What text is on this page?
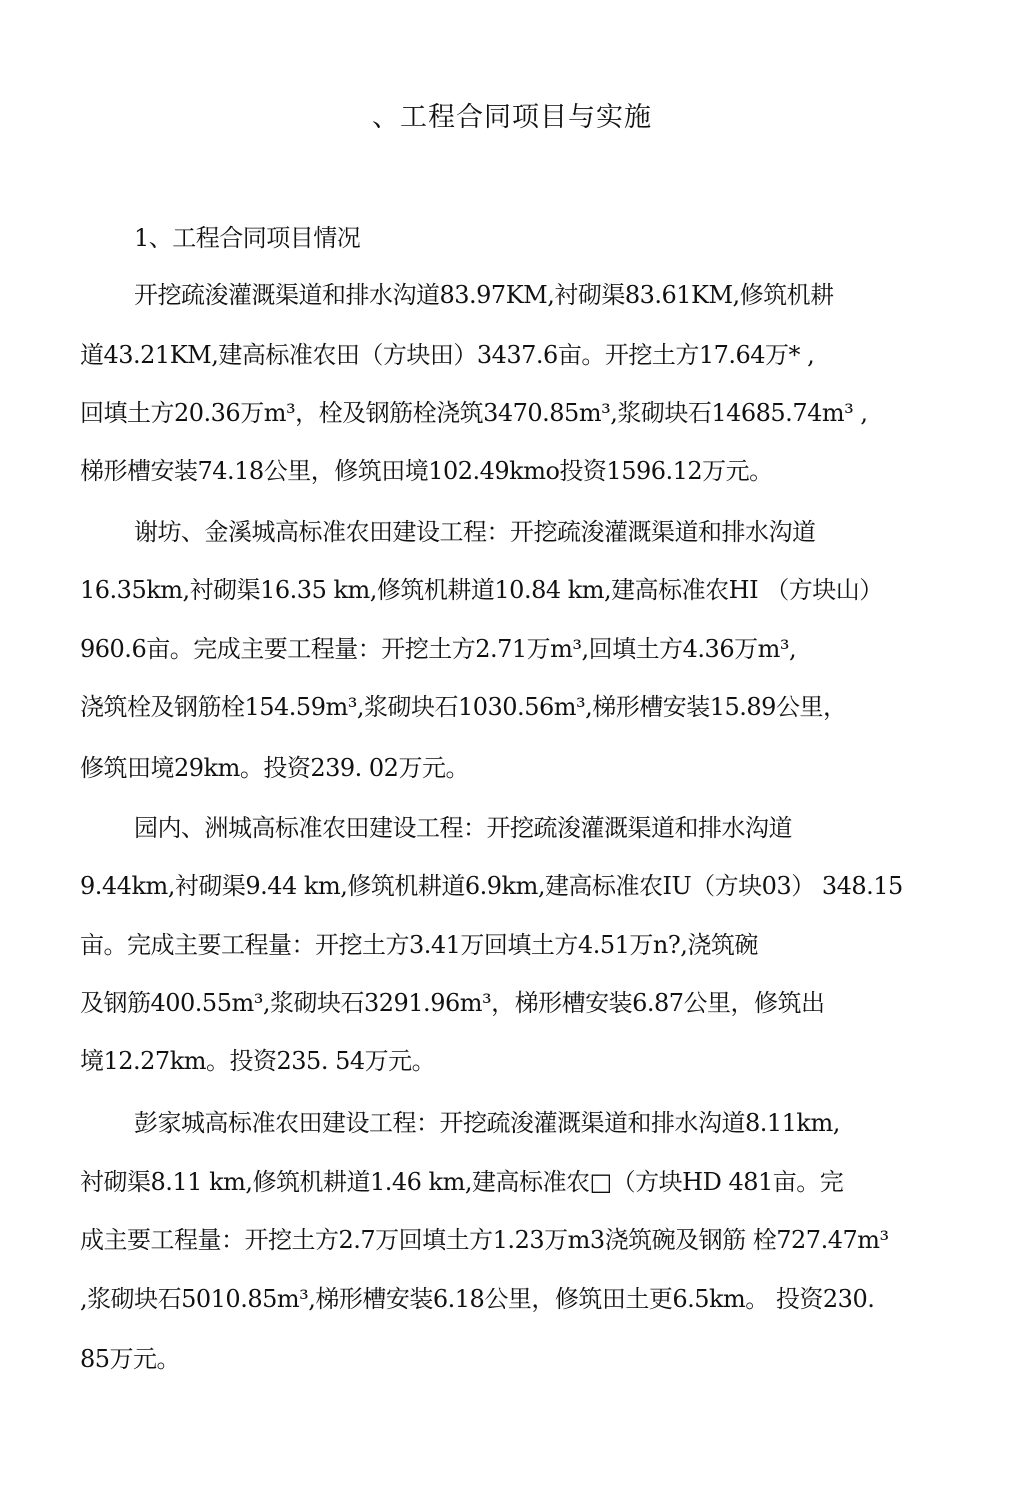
、工程合同项目与实施
1、工程合同项目情况
开挖疏浚灌溉渠道和排水沟道83.97KM,衬砌渠83.61KM,修筑机耕
道43.21KM,建高标准农田（方块田）3437.6亩。开挖土方17.64万* ,
回填土方20.36万m³，栓及钢筋栓浇筑3470.85m³,浆砌块石14685.74m³ ,
梯形槽安装74.18公里，修筑田境102.49kmo投资1596.12万元。
谢坊、金溪城高标准农田建设工程：开挖疏浚灌溉渠道和排水沟道
16.35km,衬砌渠16.35 km,修筑机耕道10.84 km,建高标准农HI （方块山）
960.6亩。完成主要工程量：开挖土方2.71万m³,回填土方4.36万m³,
浇筑栓及钢筋栓154.59m³,浆砌块石1030.56m³,梯形槽安装15.89公里，
修筑田境29km。投资239. 02万元。
园内、洲城高标准农田建设工程：开挖疏浚灌溉渠道和排水沟道
9.44km,衬砌渠9.44 km,修筑机耕道6.9km,建高标准农IU（方块03） 348.15
亩。完成主要工程量：开挖土方3.41万回填土方4.51万n?,浇筑碗
及钢筋400.55m³,浆砌块石3291.96m³，梯形槽安装6.87公里，修筑出
境12.27km。投资235. 54万元。
彭家城高标准农田建设工程：开挖疏浚灌溉渠道和排水沟道8.11km,
衬砌渠8.11 km,修筑机耕道1.46 km,建高标准农□（方块HD 481亩。完
成主要工程量：开挖土方2.7万回填土方1.23万m3浇筑碗及钢筋 栓727.47m³
,浆砌块石5010.85m³,梯形槽安装6.18公里，修筑田土更6.5km。 投资230.
85万元。
